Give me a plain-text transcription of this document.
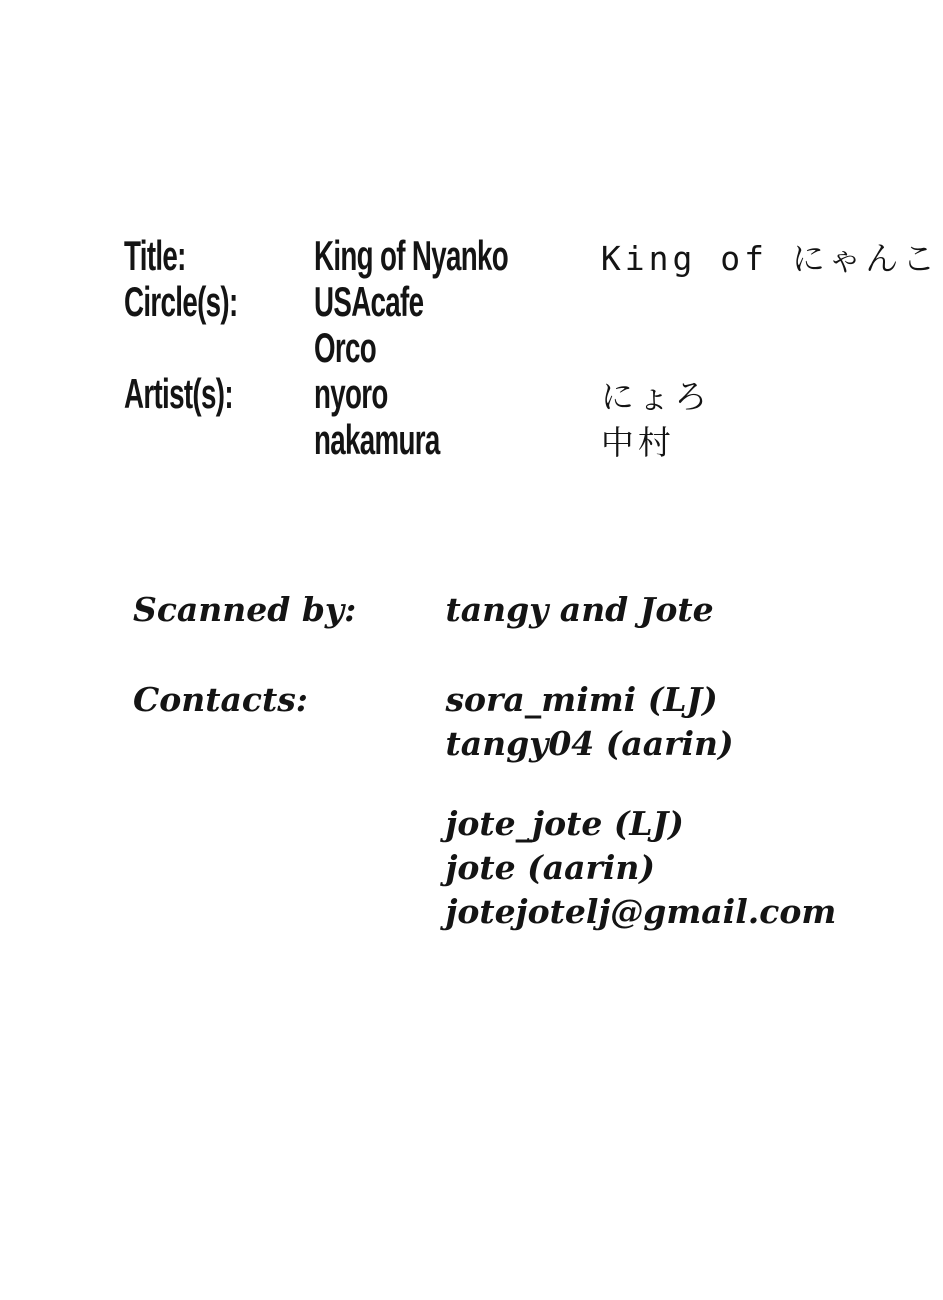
Title:	King of Nyanko	King of にゃんこ
Circle(s): USAcafe
Orco
Artist(s): nyoro	にょろ
nakamura	中村
Scanned by:	tangy and Jote
Contacts:	sora_mimi (LJ)
tangy04 (aarin)
jote_jote (LJ)
jote (aarin)
jotejotelj@gmail.com
